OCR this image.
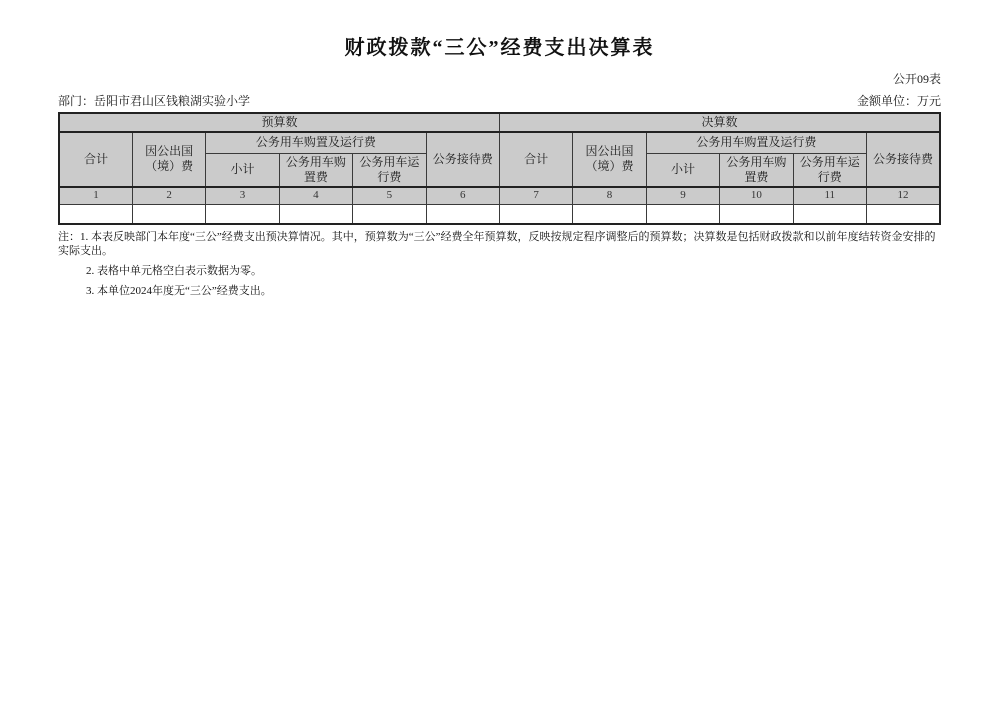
财政拨款“三公”经费支出决算表
公开09表
部门：岳阳市君山区钱粮湖实验小学	金额单位：万元
预算数						决算数					
合计	因公出国（境）费	公务用车购置及运行费			公务接待费	合计	因公出国（境）费	公务用车购置及运行费			公务接待费
		小计	公务用车购置费	公务用车运行费				小计	公务用车购置费	公务用车运行费	
1	2	3	4	5	6	7	8	9	10	11	12

注：1. 本表反映部门本年度“三公”经费支出预决算情况。其中，预算数为“三公”经费全年预算数，反映按规定程序调整后的预算数；决算数是包括财政拨款和以前年度结转资金安排的实际支出。
2. 表格中单元格空白表示数据为零。
3. 本单位2024年度无“三公”经费支出。
